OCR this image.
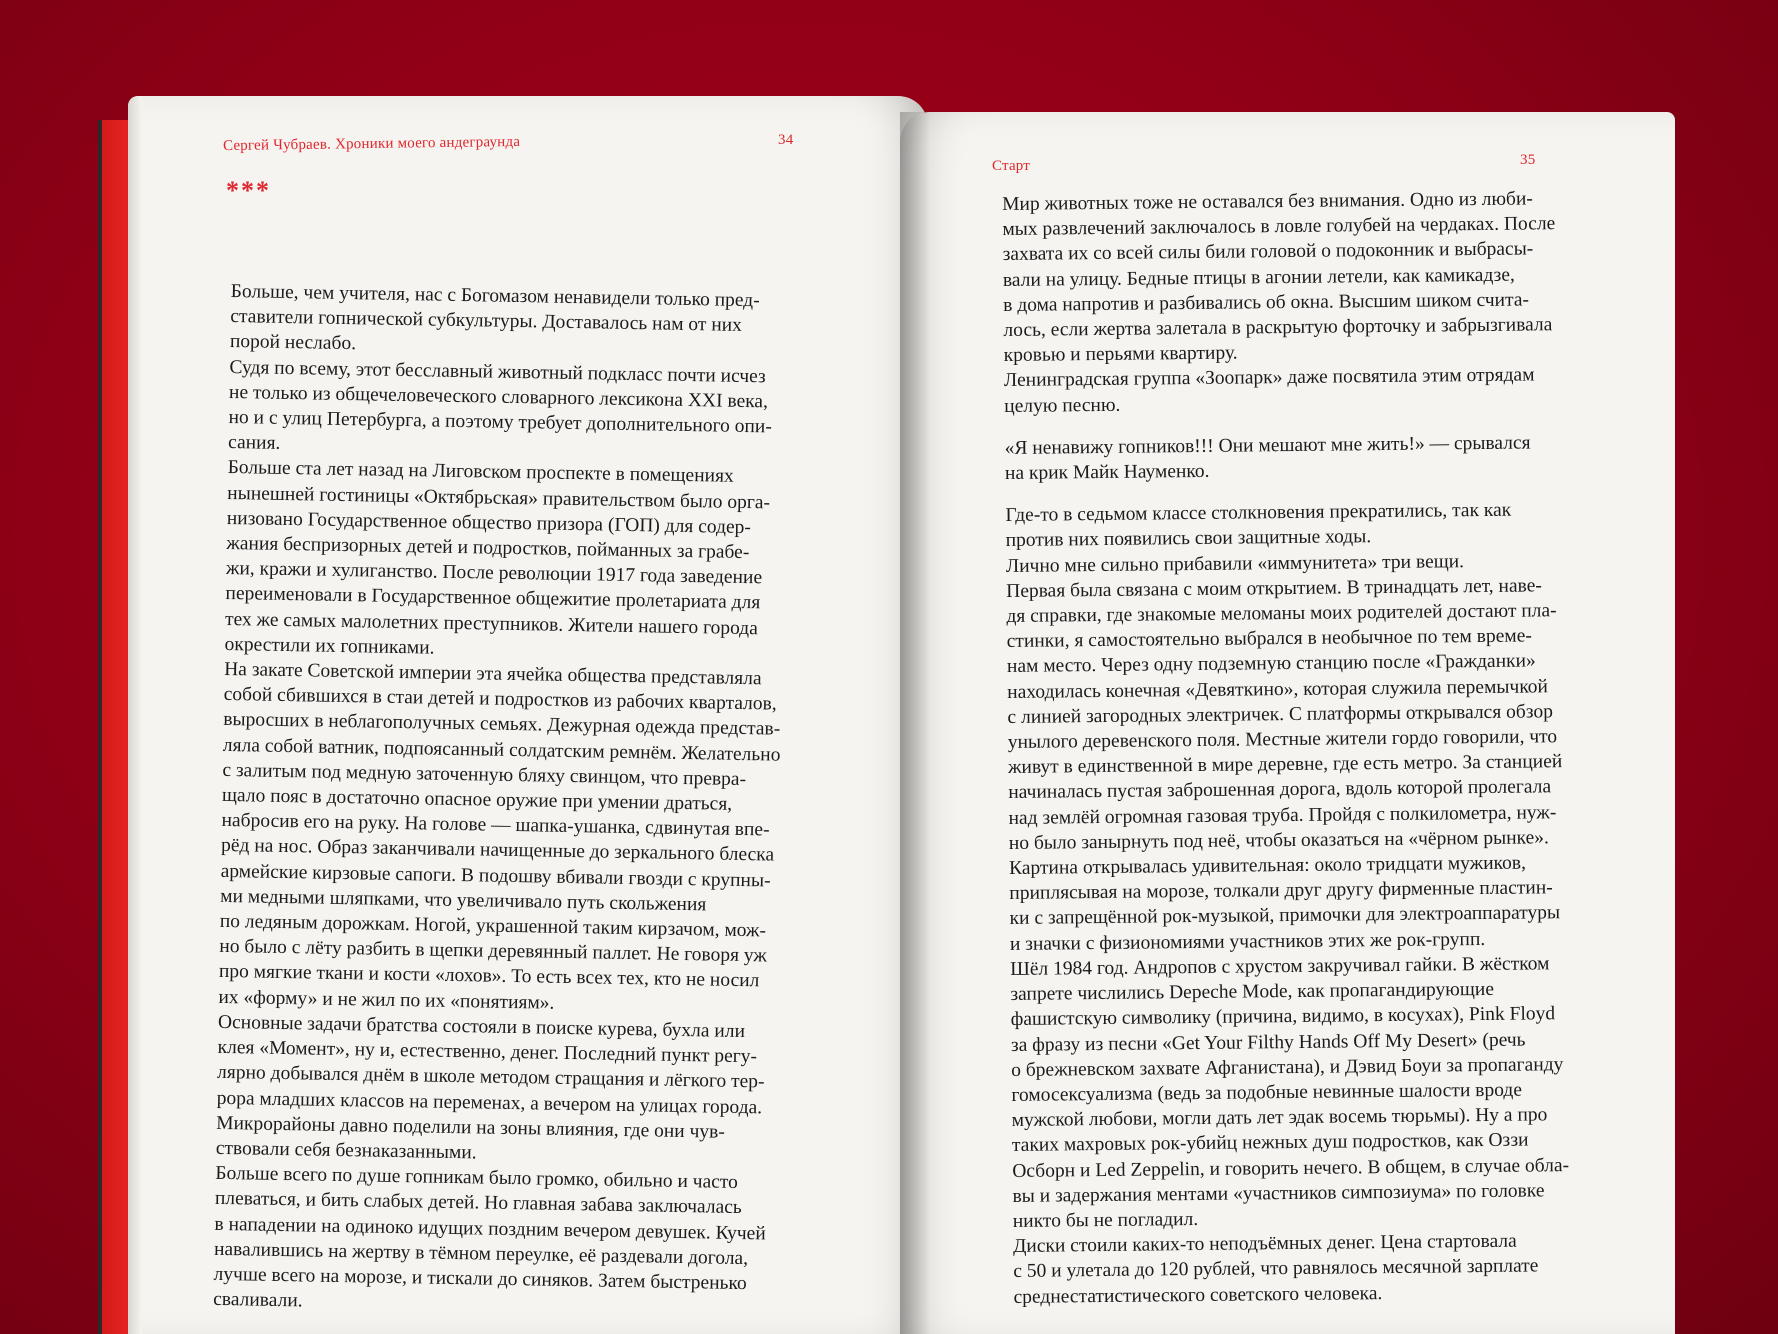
Сергей Чубраев. Хроники моего андеграунда	34
***
Больше, чем учителя, нас с Богомазом ненавидели только пред-
ставители гопнической субкультуры. Доставалось нам от них
порой неслабо.
Судя по всему, этот бесславный животный подкласс почти исчез
не только из общечеловеческого словарного лексикона XXI века,
но и с улиц Петербурга, а поэтому требует дополнительного опи-
сания.
Больше ста лет назад на Лиговском проспекте в помещениях
нынешней гостиницы «Октябрьская» правительством было орга-
низовано Государственное общество призора (ГОП) для содер-
жания беспризорных детей и подростков, пойманных за грабе-
жи, кражи и хулиганство. После революции 1917 года заведение
переименовали в Государственное общежитие пролетариата для
тех же самых малолетних преступников. Жители нашего города
окрестили их гопниками.
На закате Советской империи эта ячейка общества представляла
собой сбившихся в стаи детей и подростков из рабочих кварталов,
выросших в неблагополучных семьях. Дежурная одежда представ-
ляла собой ватник, подпоясанный солдатским ремнём. Желательно
с залитым под медную заточенную бляху свинцом, что превра-
щало пояс в достаточно опасное оружие при умении драться,
набросив его на руку. На голове — шапка-ушанка, сдвинутая впе-
рёд на нос. Образ заканчивали начищенные до зеркального блеска
армейские кирзовые сапоги. В подошву вбивали гвозди с крупны-
ми медными шляпками, что увеличивало путь скольжения
по ледяным дорожкам. Ногой, украшенной таким кирзачом, мож-
но было с лёту разбить в щепки деревянный паллет. Не говоря уж
про мягкие ткани и кости «лохов». То есть всех тех, кто не носил
их «форму» и не жил по их «понятиям».
Основные задачи братства состояли в поиске курева, бухла или
клея «Момент», ну и, естественно, денег. Последний пункт регу-
лярно добывался днём в школе методом стращания и лёгкого тер-
рора младших классов на переменах, а вечером на улицах города.
Микрорайоны давно поделили на зоны влияния, где они чув-
ствовали себя безнаказанными.
Больше всего по душе гопникам было громко, обильно и часто
плеваться, и бить слабых детей. Но главная забава заключалась
в нападении на одиноко идущих поздним вечером девушек. Кучей
навалившись на жертву в тёмном переулке, её раздевали догола,
лучше всего на морозе, и тискали до синяков. Затем быстренько
сваливали.
Старт	35
Мир животных тоже не оставался без внимания. Одно из люби-
мых развлечений заключалось в ловле голубей на чердаках. После
захвата их со всей силы били головой о подоконник и выбрасы-
вали на улицу. Бедные птицы в агонии летели, как камикадзе,
в дома напротив и разбивались об окна. Высшим шиком счита-
лось, если жертва залетала в раскрытую форточку и забрызгивала
кровью и перьями квартиру.
Ленинградская группа «Зоопарк» даже посвятила этим отрядам
целую песню.
«Я ненавижу гопников!!! Они мешают мне жить!» — срывался
на крик Майк Науменко.
Где-то в седьмом классе столкновения прекратились, так как
против них появились свои защитные ходы.
Лично мне сильно прибавили «иммунитета» три вещи.
Первая была связана с моим открытием. В тринадцать лет, наве-
дя справки, где знакомые меломаны моих родителей достают пла-
стинки, я самостоятельно выбрался в необычное по тем време-
нам место. Через одну подземную станцию после «Гражданки»
находилась конечная «Девяткино», которая служила перемычкой
с линией загородных электричек. С платформы открывался обзор
унылого деревенского поля. Местные жители гордо говорили, что
живут в единственной в мире деревне, где есть метро. За станцией
начиналась пустая заброшенная дорога, вдоль которой пролегала
над землёй огромная газовая труба. Пройдя с полкилометра, нуж-
но было занырнуть под неё, чтобы оказаться на «чёрном рынке».
Картина открывалась удивительная: около тридцати мужиков,
приплясывая на морозе, толкали друг другу фирменные пластин-
ки с запрещённой рок-музыкой, примочки для электроаппаратуры
и значки с физиономиями участников этих же рок-групп.
Шёл 1984 год. Андропов с хрустом закручивал гайки. В жёстком
запрете числились Depeche Mode, как пропагандирующие
фашистскую символику (причина, видимо, в косухах), Pink Floyd
за фразу из песни «Get Your Filthy Hands Off My Desert» (речь
о брежневском захвате Афганистана), и Дэвид Боуи за пропаганду
гомосексуализма (ведь за подобные невинные шалости вроде
мужской любови, могли дать лет эдак восемь тюрьмы). Ну а про
таких махровых рок-убийц нежных душ подростков, как Оззи
Осборн и Led Zeppelin, и говорить нечего. В общем, в случае обла-
вы и задержания ментами «участников симпозиума» по головке
никто бы не погладил.
Диски стоили каких-то неподъёмных денег. Цена стартовала
с 50 и улетала до 120 рублей, что равнялось месячной зарплате
среднестатистического советского человека.
